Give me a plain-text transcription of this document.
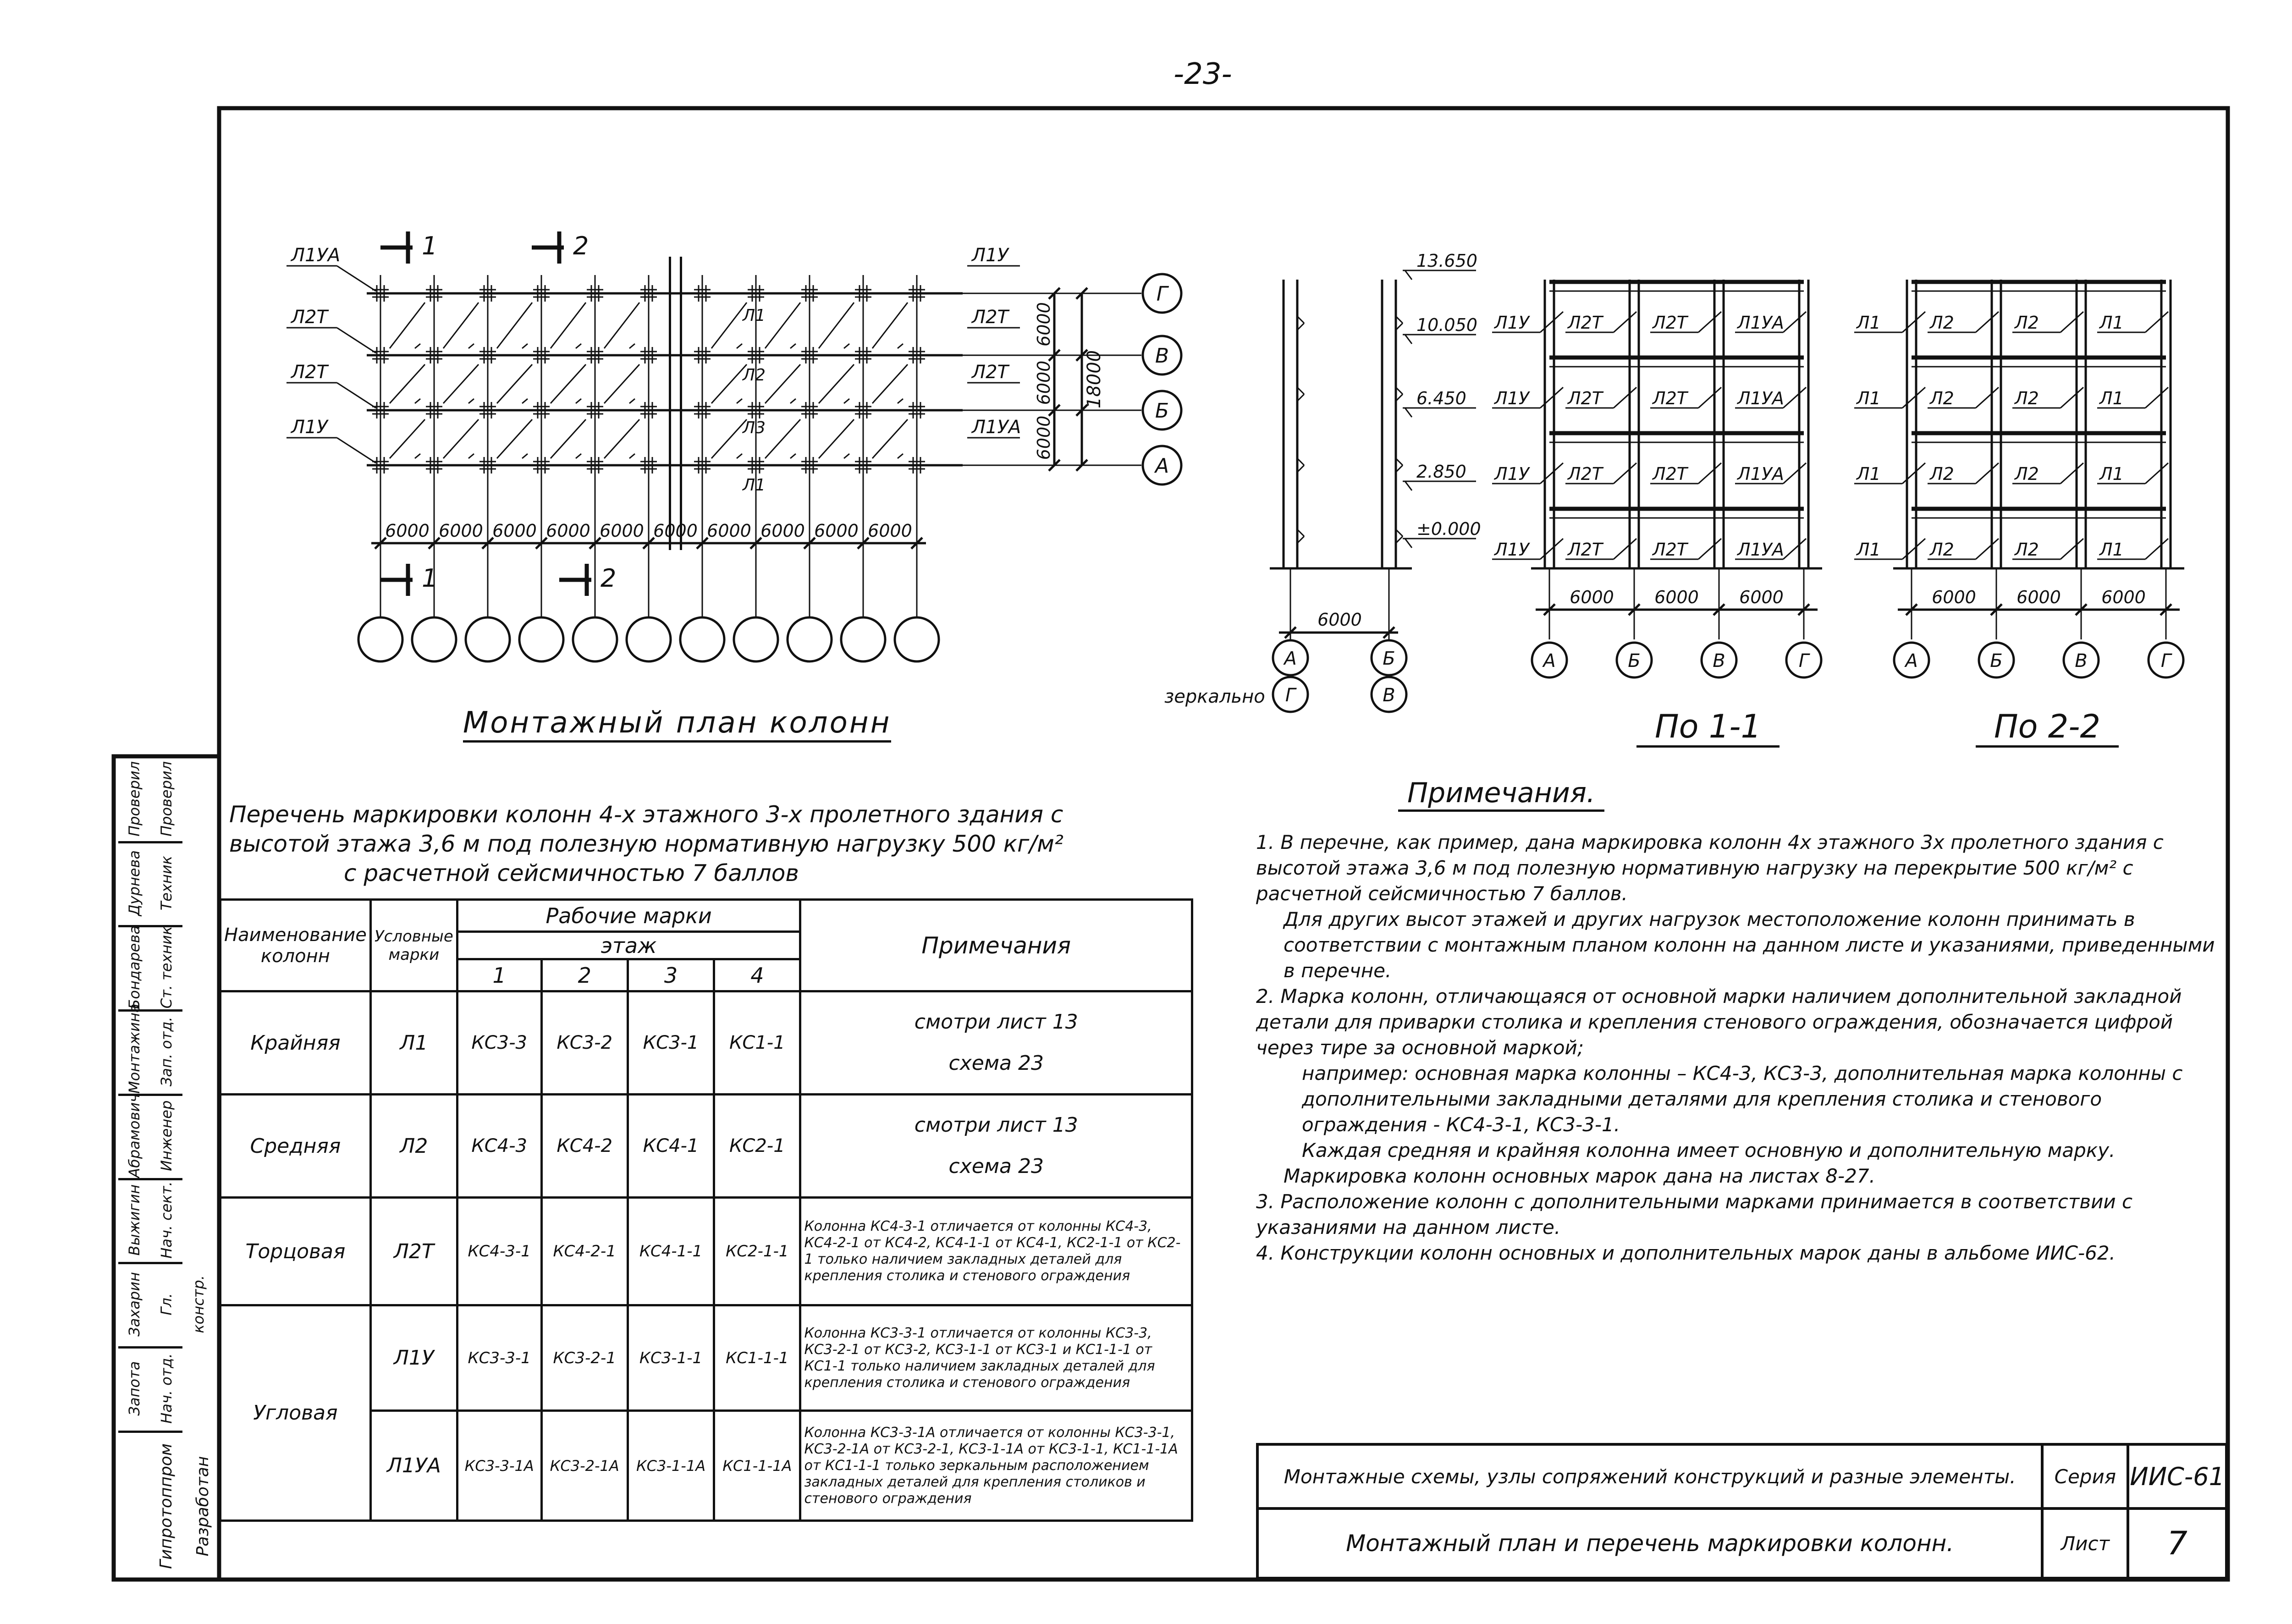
-23-
Л1УА
Л2Т
Л2Т
Л1У
Л1У
Л2Т
Л2Т
Л1УА
Л1
Л2
Л3
Л1
Г
В
Б
А
6000
6000
6000
18000
6000 6000 6000 6000 6000 6000 6000 6000 6000 6000
1	2
1	2
13.650
10.050
6.450
2.850
±0.000
6000
А	Б
Г	В
Л1У Л2Т	Л2Т	Л1УА
Л1У Л2Т	Л2Т	Л1УА
Л1У Л2Т	Л2Т	Л1УА
Л1У Л2Т	Л2Т	Л1УА
6000 6000 6000
А	Б	В	Г
Л1	Л2	Л2	Л1
Л1	Л2	Л2	Л1
Л1	Л2	Л2	Л1
Л1	Л2	Л2	Л1
6000 6000 6000
А	Б	В	Г
Монтажный план колонн	По 1-1	По 2-2
зеркально
Перечень маркировки колонн 4-х этажного 3-х пролетного здания с
высотой этажа 3,6 м под полезную нормативную нагрузку 500 кг/м²
с расчетной сейсмичностью 7 баллов
Наименование колонн	Условные марки	Рабочие марки				Примечания
		этаж				
		1	2	3	4	
Крайняя	Л1	КС3-3	КС3-2	КС3-1	КС1-1	смотри лист 13
схема 23

Средняя	Л2	КС4-3	КС4-2	КС4-1	КС2-1	смотри лист 13
схема 23

Торцовая	Л2Т	КС4-3-1	КС4-2-1	КС4-1-1	КС2-1-1	Колонна КС4-3-1 отличается от колонны КС4-3, КС4-2-1 от КС4-2, КС4-1-1 от КС4-1, КС2-1-1 от КС2-1 только наличием закладных деталей для крепления столика и стенового ограждения
Угловая	Л1У	КС3-3-1	КС3-2-1	КС3-1-1	КС1-1-1	Колонна КС3-3-1 отличается от колонны КС3-3, КС3-2-1 от КС3-2, КС3-1-1 от КС3-1 и КС1-1-1 от КС1-1 только наличием закладных деталей для крепления столика и стенового ограждения
	Л1УА	КС3-3-1А	КС3-2-1А	КС3-1-1А	КС1-1-1А	Колонна КС3-3-1А отличается от колонны КС3-3-1, КС3-2-1А от КС3-2-1, КС3-1-1А от КС3-1-1, КС1-1-1А от КС1-1-1 только зеркальным расположением закладных деталей для крепления столиков и стенового ограждения
Примечания.

1. В перечне, как пример, дана маркировка колонн 4х этажного 3х пролетного здания с высотой этажа 3,6 м под полезную нормативную нагрузку на перекрытие 500 кг/м² с расчетной сейсмичностью 7 баллов.

Для других высот этажей и других нагрузок местоположение колонн принимать в соответствии с монтажным планом колонн на данном листе и указаниями, приведенными в перечне.

2. Марка колонн, отличающаяся от основной марки наличием дополнительной закладной детали для приварки столика и крепления стенового ограждения, обозначается цифрой через тире за основной маркой;

например: основная марка колонны – КС4-3, КС3-3, дополнительная марка колонны с дополнительными закладными деталями для крепления столика и стенового ограждения - КС4-3-1, КС3-3-1.

Каждая средняя и крайняя колонна имеет основную и дополнительную марку.

Маркировка колонн основных марок дана на листах 8-27.

3. Расположение колонн с дополнительными марками принимается в соответствии с указаниями на данном листе.

4. Конструкции колонн основных и дополнительных марок даны в альбоме ИИС-62.

Монтажные схемы, узлы сопряжений конструкций и разные элементы.	Серия	ИИС-61
Монтажный план и перечень маркировки колонн.	Лист	7
Разработан
Гипротоппром
Нач. отд.
Гл. констр.
Нач. сект.
Инженер
Зап. отд.
Ст. техник
Техник
Проверил
Запота
Захарин
Выжигин
Абрамович
Монтажина
Бондарева
Дурнева
Проверил
